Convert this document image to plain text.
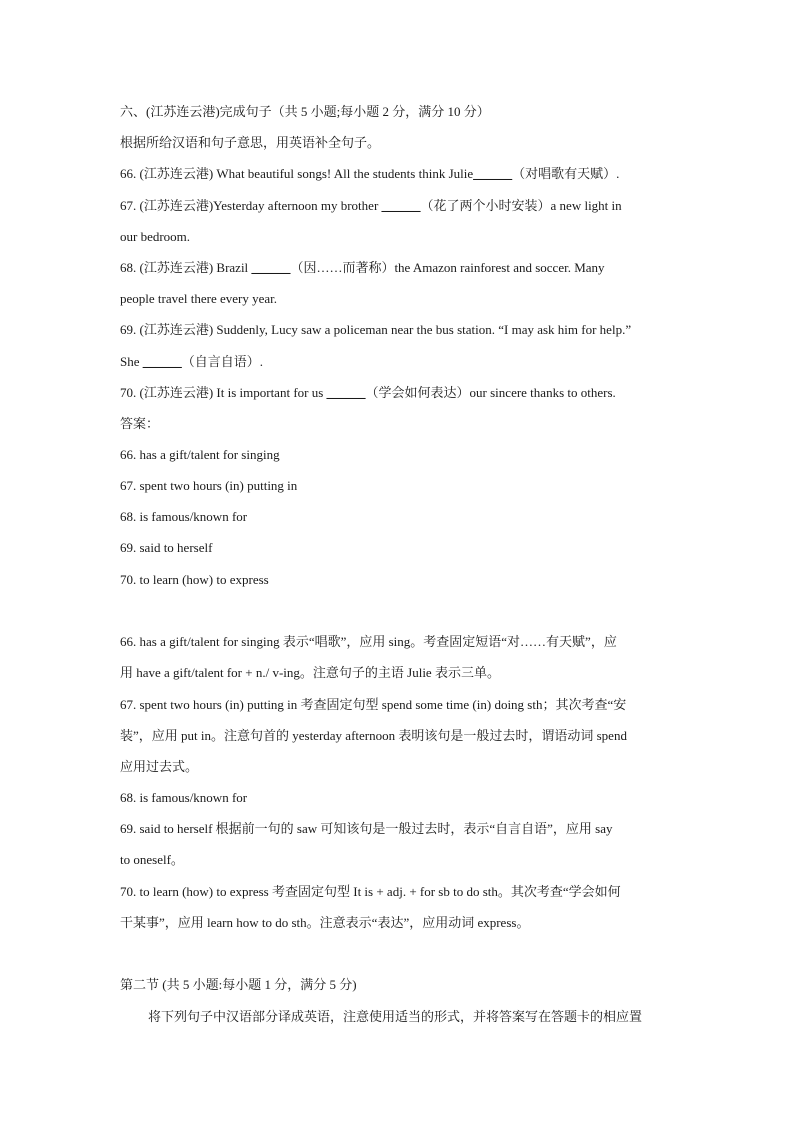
六、(江苏连云港)完成句子（共 5 小题;每小题 2 分，满分 10 分）
根据所给汉语和句子意思，用英语补全句子。
66. (江苏连云港) What beautiful songs! All the students think Julie______（对唱歌有天赋）.
67. (江苏连云港)Yesterday afternoon my brother ______（花了两个小时安装）a new light in
our bedroom.
68. (江苏连云港) Brazil ______（因……而著称）the Amazon rainforest and soccer. Many
people travel there every year.
69. (江苏连云港) Suddenly, Lucy saw a policeman near the bus station. “I may ask him for help.”
She ______（自言自语）.
70. (江苏连云港) It is important for us ______（学会如何表达）our sincere thanks to others.
答案：
66. has a gift/talent for singing
67. spent two hours (in) putting in
68. is famous/known for
69. said to herself
70. to learn (how) to express
66. has a gift/talent for singing 表示“唱歌”，应用 sing。考查固定短语“对……有天赋”，应
用 have a gift/talent for + n./ v-ing。注意句子的主语 Julie 表示三单。
67. spent two hours (in) putting in 考查固定句型 spend some time (in) doing sth；其次考查“安
装”，应用 put in。注意句首的 yesterday afternoon 表明该句是一般过去时，谓语动词 spend
应用过去式。
68. is famous/known for
69. said to herself 根据前一句的 saw 可知该句是一般过去时，表示“自言自语”，应用 say
to oneself。
70. to learn (how) to express 考查固定句型 It is + adj. + for sb to do sth。其次考查“学会如何
干某事”，应用 learn how to do sth。注意表示“表达”，应用动词 express。
第二节 (共 5 小题:每小题 1 分，满分 5 分)
将下列句子中汉语部分译成英语，注意使用适当的形式，并将答案写在答题卡的相应置
